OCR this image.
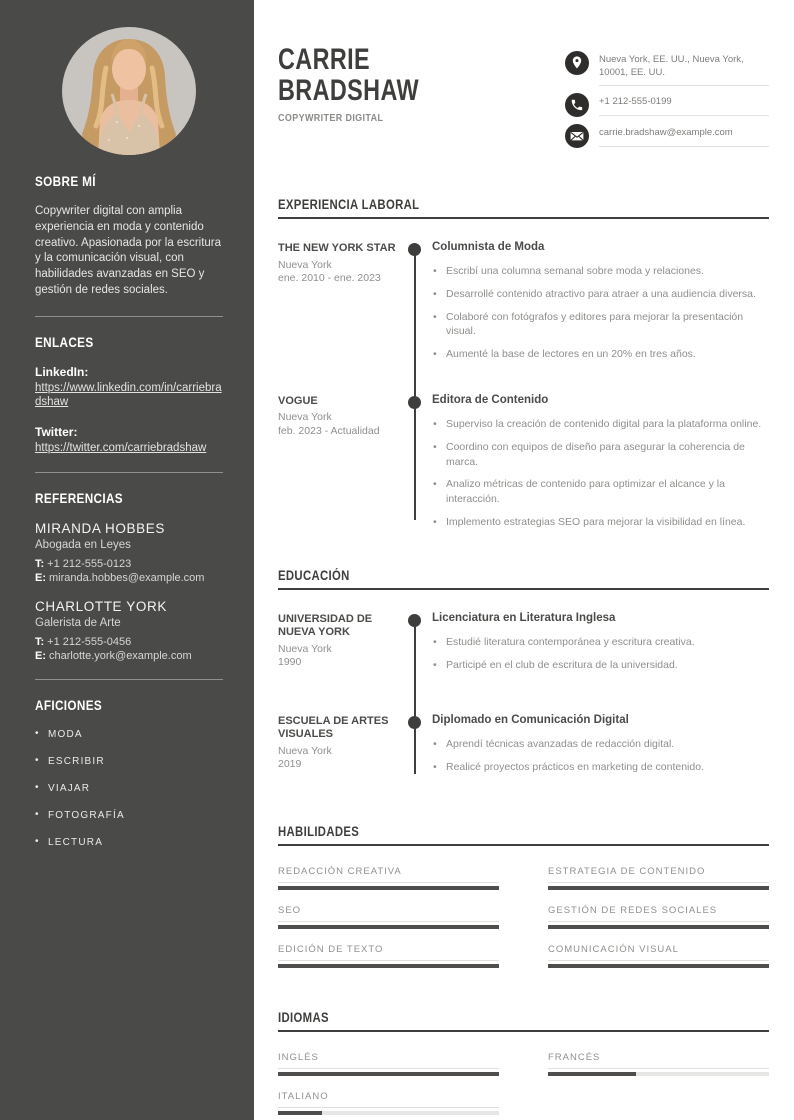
SOBRE MÍ

Copywriter digital con amplia experiencia en moda y contenido creativo. Apasionada por la escritura y la comunicación visual, con habilidades avanzadas en SEO y gestión de redes sociales.

ENLACES
LinkedIn:
https://www.linkedin.com/in/carriebradshaw
Twitter:
https://twitter.com/carriebradshaw
REFERENCIAS
MIRANDA HOBBES
Abogada en Leyes
T: +1 212-555-0123
E: miranda.hobbes@example.com
CHARLOTTE YORK
Galerista de Arte
T: +1 212-555-0456
E: charlotte.york@example.com
AFICIONES
• MODA
• ESCRIBIR
• VIAJAR
• FOTOGRAFÍA
• LECTURA
CARRIE
BRADSHAW
COPYWRITER DIGITAL
Nueva York, EE. UU., Nueva York, 10001, EE. UU.
+1 212-555-0199
carrie.bradshaw@example.com
EXPERIENCIA LABORAL
THE NEW YORK STAR
Nueva York
ene. 2010 - ene. 2023
Columnista de Moda
• Escribí una columna semanal sobre moda y relaciones.
• Desarrollé contenido atractivo para atraer a una audiencia diversa.
• Colaboré con fotógrafos y editores para mejorar la presentación visual.
• Aumenté la base de lectores en un 20% en tres años.
VOGUE
Nueva York
feb. 2023 - Actualidad
Editora de Contenido
• Superviso la creación de contenido digital para la plataforma online.
• Coordino con equipos de diseño para asegurar la coherencia de marca.
• Analizo métricas de contenido para optimizar el alcance y la interacción.
• Implemento estrategias SEO para mejorar la visibilidad en línea.
EDUCACIÓN
UNIVERSIDAD DE NUEVA YORK
Nueva York
1990
Licenciatura en Literatura Inglesa
• Estudié literatura contemporánea y escritura creativa.
• Participé en el club de escritura de la universidad.
ESCUELA DE ARTES VISUALES
Nueva York
2019
Diplomado en Comunicación Digital
• Aprendí técnicas avanzadas de redacción digital.
• Realicé proyectos prácticos en marketing de contenido.
HABILIDADES
REDACCIÓN CREATIVA	ESTRATEGIA DE CONTENIDO
SEO	GESTIÓN DE REDES SOCIALES
EDICIÓN DE TEXTO	COMUNICACIÓN VISUAL
IDIOMAS
INGLÉS	FRANCÉS
ITALIANO
